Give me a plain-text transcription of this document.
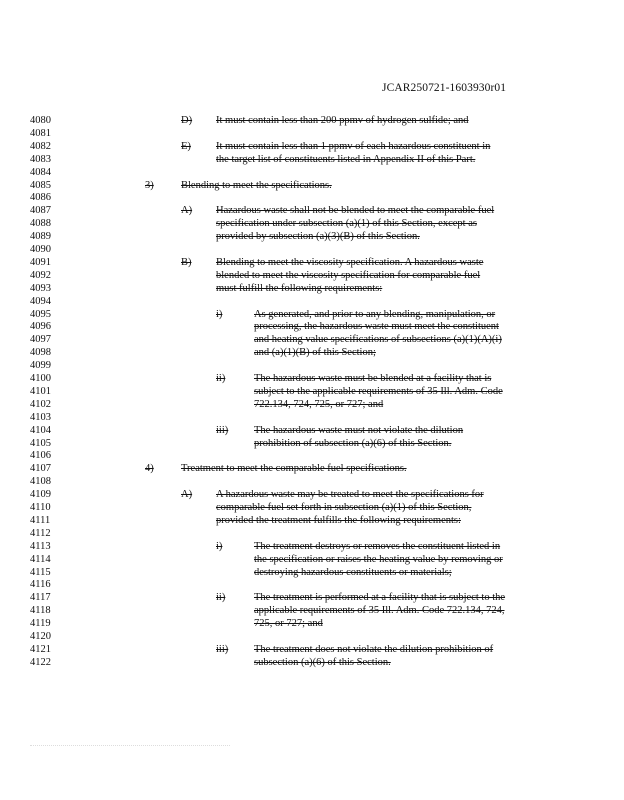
JCAR250721-1603930r01
4080
4081
4082
4083
4084
4085
4086
4087
4088
4089
4090
4091
4092
4093
4094
4095
4096
4097
4098
4099
4100
4101
4102
4103
4104
4105
4106
4107
4108
4109
4110
4111
4112
4113
4114
4115
4116
4117
4118
4119
4120
4121
4122
D) It must contain less than 200 ppmv of hydrogen sulfide; and
E) It must contain less than 1 ppmv of each hazardous constituent in
the target list of constituents listed in Appendix II of this Part.
3)	Blending to meet the specifications.
A) Hazardous waste shall not be blended to meet the comparable fuel
specification under subsection (a)(1) of this Section, except as
provided by subsection (a)(3)(B) of this Section.
B) Blending to meet the viscosity specification. A hazardous waste
blended to meet the viscosity specification for comparable fuel
must fulfill the following requirements:
i)	As generated, and prior to any blending, manipulation, or
processing, the hazardous waste must meet the constituent
and heating value specifications of subsections (a)(1)(A)(i)
and (a)(1)(B) of this Section;
ii)	The hazardous waste must be blended at a facility that is
subject to the applicable requirements of 35 Ill. Adm. Code
722.134, 724, 725, or 727; and
iii) The hazardous waste must not violate the dilution
prohibition of subsection (a)(6) of this Section.
4)	Treatment to meet the comparable fuel specifications.
A) A hazardous waste may be treated to meet the specifications for
comparable fuel set forth in subsection (a)(1) of this Section,
provided the treatment fulfills the following requirements:
i)	The treatment destroys or removes the constituent listed in
the specification or raises the heating value by removing or
destroying hazardous constituents or materials;
ii)	The treatment is performed at a facility that is subject to the
applicable requirements of 35 Ill. Adm. Code 722.134, 724,
725, or 727; and
iii) The treatment does not violate the dilution prohibition of
subsection (a)(6) of this Section.
